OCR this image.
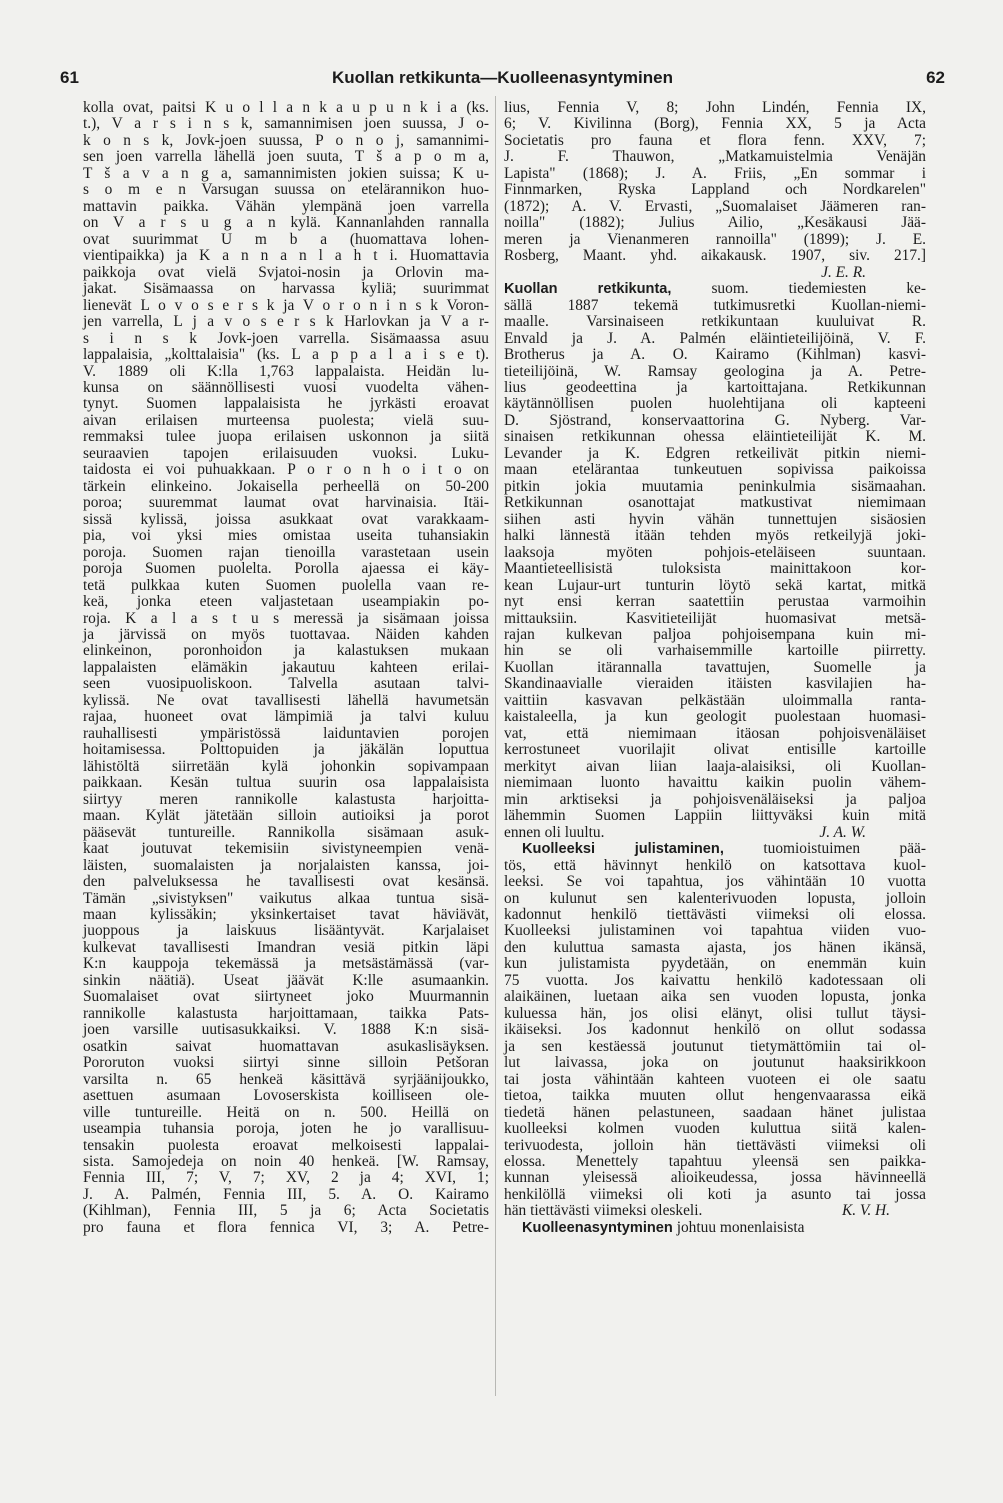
61	Kuollan retkikunta—Kuolleenasyntyminen	62
kolla ovat, paitsi K u o l l a n k a u p u n k i a (ks.
t.), V a r s i n s k, samannimisen joen suussa, J o-
k o n s k, Jovk-joen suussa, P o n o j, samannimi-
sen joen varrella lähellä joen suuta, T š a p o m a,
T š a v a n g a, samannimisten jokien suissa; K u-
s o m e n Varsugan suussa on etelärannikon huo-
mattavin paikka. Vähän ylempänä joen varrella
on V a r s u g a n kylä. Kannanlahden rannalla
ovat suurimmat U m b a (huomattava lohen-
vientipaikka) ja K a n n a n l a h t i. Huomattavia
paikkoja ovat vielä Svjatoi-nosin ja Orlovin ma-
jakat. Sisämaassa on harvassa kyliä; suurimmat
lienevät L o v o s e r s k ja V o r o n i n s k Voron-
jen varrella, L j a v o s e r s k Harlovkan ja V a r-
s i n s k Jovk-joen varrella. Sisämaassa asuu
lappalaisia, „kolttalaisia" (ks. L a p p a l a i s e t).
V. 1889 oli K:lla 1,763 lappalaista. Heidän lu-
kunsa on säännöllisesti vuosi vuodelta vähen-
tynyt. Suomen lappalaisista he jyrkästi eroavat
aivan erilaisen murteensa puolesta; vielä suu-
remmaksi tulee juopa erilaisen uskonnon ja siitä
seuraavien tapojen erilaisuuden vuoksi. Luku-
taidosta ei voi puhuakkaan. P o r o n h o i t o on
tärkein elinkeino. Jokaisella perheellä on 50-200
poroa; suuremmat laumat ovat harvinaisia. Itäi-
sissä kylissä, joissa asukkaat ovat varakkaam-
pia, voi yksi mies omistaa useita tuhansiakin
poroja. Suomen rajan tienoilla varastetaan usein
poroja Suomen puolelta. Porolla ajaessa ei käy-
tetä pulkkaa kuten Suomen puolella vaan re-
keä, jonka eteen valjastetaan useampiakin po-
roja. K a l a s t u s meressä ja sisämaan joissa
ja järvissä on myös tuottavaa. Näiden kahden
elinkeinon, poronhoidon ja kalastuksen mukaan
lappalaisten elämäkin jakautuu kahteen erilai-
seen vuosipuoliskoon. Talvella asutaan talvi-
kylissä. Ne ovat tavallisesti lähellä havumetsän
rajaa, huoneet ovat lämpimiä ja talvi kuluu
rauhallisesti ympäristössä laiduntavien porojen
hoitamisessa. Polttopuiden ja jäkälän loputtua
lähistöltä siirretään kylä johonkin sopivampaan
paikkaan. Kesän tultua suurin osa lappalaisista
siirtyy meren rannikolle kalastusta harjoitta-
maan. Kylät jätetään silloin autioiksi ja porot
pääsevät tuntureille. Rannikolla sisämaan asuk-
kaat joutuvat tekemisiin sivistyneempien venä-
läisten, suomalaisten ja norjalaisten kanssa, joi-
den palveluksessa he tavallisesti ovat kesänsä.
Tämän „sivistyksen" vaikutus alkaa tuntua sisä-
maan kylissäkin; yksinkertaiset tavat häviävät,
juoppous ja laiskuus lisääntyvät. Karjalaiset
kulkevat tavallisesti Imandran vesiä pitkin läpi
K:n kauppoja tekemässä ja metsästämässä (var-
sinkin näätiä). Useat jäävät K:lle asumaankin.
Suomalaiset ovat siirtyneet joko Muurmannin
rannikolle kalastusta harjoittamaan, taikka Pats-
joen varsille uutisasukkaiksi. V. 1888 K:n sisä-
osatkin saivat huomattavan asukaslisäyksen.
Pororuton vuoksi siirtyi sinne silloin Petšoran
varsilta n. 65 henkeä käsittävä syrjäänijoukko,
asettuen asumaan Lovoserskista koilliseen ole-
ville tuntureille. Heitä on n. 500. Heillä on
useampia tuhansia poroja, joten he jo varallisuu-
tensakin puolesta eroavat melkoisesti lappalai-
sista. Samojedeja on noin 40 henkeä. [W. Ramsay,
Fennia III, 7; V, 7; XV, 2 ja 4; XVI, 1;
J. A. Palmén, Fennia III, 5. A. O. Kairamo
(Kihlman), Fennia III, 5 ja 6; Acta Societatis
pro fauna et flora fennica VI, 3; A. Petre-
lius, Fennia V, 8; John Lindén, Fennia IX,
6; V. Kivilinna (Borg), Fennia XX, 5 ja Acta
Societatis pro fauna et flora fenn. XXV, 7;
J. F. Thauwon, „Matkamuistelmia Venäjän
Lapista" (1868); J. A. Friis, „En sommar i
Finnmarken, Ryska Lappland och Nordkarelen"
(1872); A. V. Ervasti, „Suomalaiset Jäämeren ran-
noilla" (1882); Julius Ailio, „Kesäkausi Jää-
meren ja Vienanmeren rannoilla" (1899); J. E.
Rosberg, Maant. yhd. aikakausk. 1907, siv. 217.]
J. E. R.
Kuollan retkikunta, suom. tiedemiesten ke-
sällä 1887 tekemä tutkimusretki Kuollan-niemi-
maalle. Varsinaiseen retkikuntaan kuuluivat R.
Envald ja J. A. Palmén eläintieteilijöinä, V. F.
Brotherus ja A. O. Kairamo (Kihlman) kasvi-
tieteilijöinä, W. Ramsay geologina ja A. Petre-
lius geodeettina ja kartoittajana. Retkikunnan
käytännöllisen puolen huolehtijana oli kapteeni
D. Sjöstrand, konservaattorina G. Nyberg. Var-
sinaisen retkikunnan ohessa eläintieteilijät K. M.
Levander ja K. Edgren retkeilivät pitkin niemi-
maan etelärantaa tunkeutuen sopivissa paikoissa
pitkin jokia muutamia peninkulmia sisämaahan.
Retkikunnan osanottajat matkustivat niemimaan
siihen asti hyvin vähän tunnettujen sisäosien
halki lännestä itään tehden myös retkeilyjä joki-
laaksoja myöten pohjois-eteläiseen suuntaan.
Maantieteellisistä tuloksista mainittakoon kor-
kean Lujaur-urt tunturin löytö sekä kartat, mitkä
nyt ensi kerran saatettiin perustaa varmoihin
mittauksiin. Kasvitieteilijät huomasivat metsä-
rajan kulkevan paljoa pohjoisempana kuin mi-
hin se oli varhaisemmille kartoille piirretty.
Kuollan itärannalla tavattujen, Suomelle ja
Skandinaavialle vieraiden itäisten kasvilajien ha-
vaittiin kasvavan pelkästään uloimmalla ranta-
kaistaleella, ja kun geologit puolestaan huomasi-
vat, että niemimaan itäosan pohjoisvenäläiset
kerrostuneet vuorilajit olivat entisille kartoille
merkityt aivan liian laaja-alaisiksi, oli Kuollan-
niemimaan luonto havaittu kaikin puolin vähem-
min arktiseksi ja pohjoisvenäläiseksi ja paljoa
lähemmin Suomen Lappiin liittyväksi kuin mitä
ennen oli luultu.	J. A. W.
Kuolleeksi julistaminen, tuomioistuimen pää-
tös, että hävinnyt henkilö on katsottava kuol-
leeksi. Se voi tapahtua, jos vähintään 10 vuotta
on kulunut sen kalenterivuoden lopusta, jolloin
kadonnut henkilö tiettävästi viimeksi oli elossa.
Kuolleeksi julistaminen voi tapahtua viiden vuo-
den kuluttua samasta ajasta, jos hänen ikänsä,
kun julistamista pyydetään, on enemmän kuin
75 vuotta. Jos kaivattu henkilö kadotessaan oli
alaikäinen, luetaan aika sen vuoden lopusta, jonka
kuluessa hän, jos olisi elänyt, olisi tullut täysi-
ikäiseksi. Jos kadonnut henkilö on ollut sodassa
ja sen kestäessä joutunut tietymättömiin tai ol-
lut laivassa, joka on joutunut haaksirikkoon
tai josta vähintään kahteen vuoteen ei ole saatu
tietoa, taikka muuten ollut hengenvaarassa eikä
tiedetä hänen pelastuneen, saadaan hänet julistaa
kuolleeksi kolmen vuoden kuluttua siitä kalen-
terivuodesta, jolloin hän tiettävästi viimeksi oli
elossa. Menettely tapahtuu yleensä sen paikka-
kunnan yleisessä alioikeudessa, jossa hävinneellä
henkilöllä viimeksi oli koti ja asunto tai jossa
hän tiettävästi viimeksi oleskeli.	K. V. H.
Kuolleenasyntyminen johtuu monenlaisista
